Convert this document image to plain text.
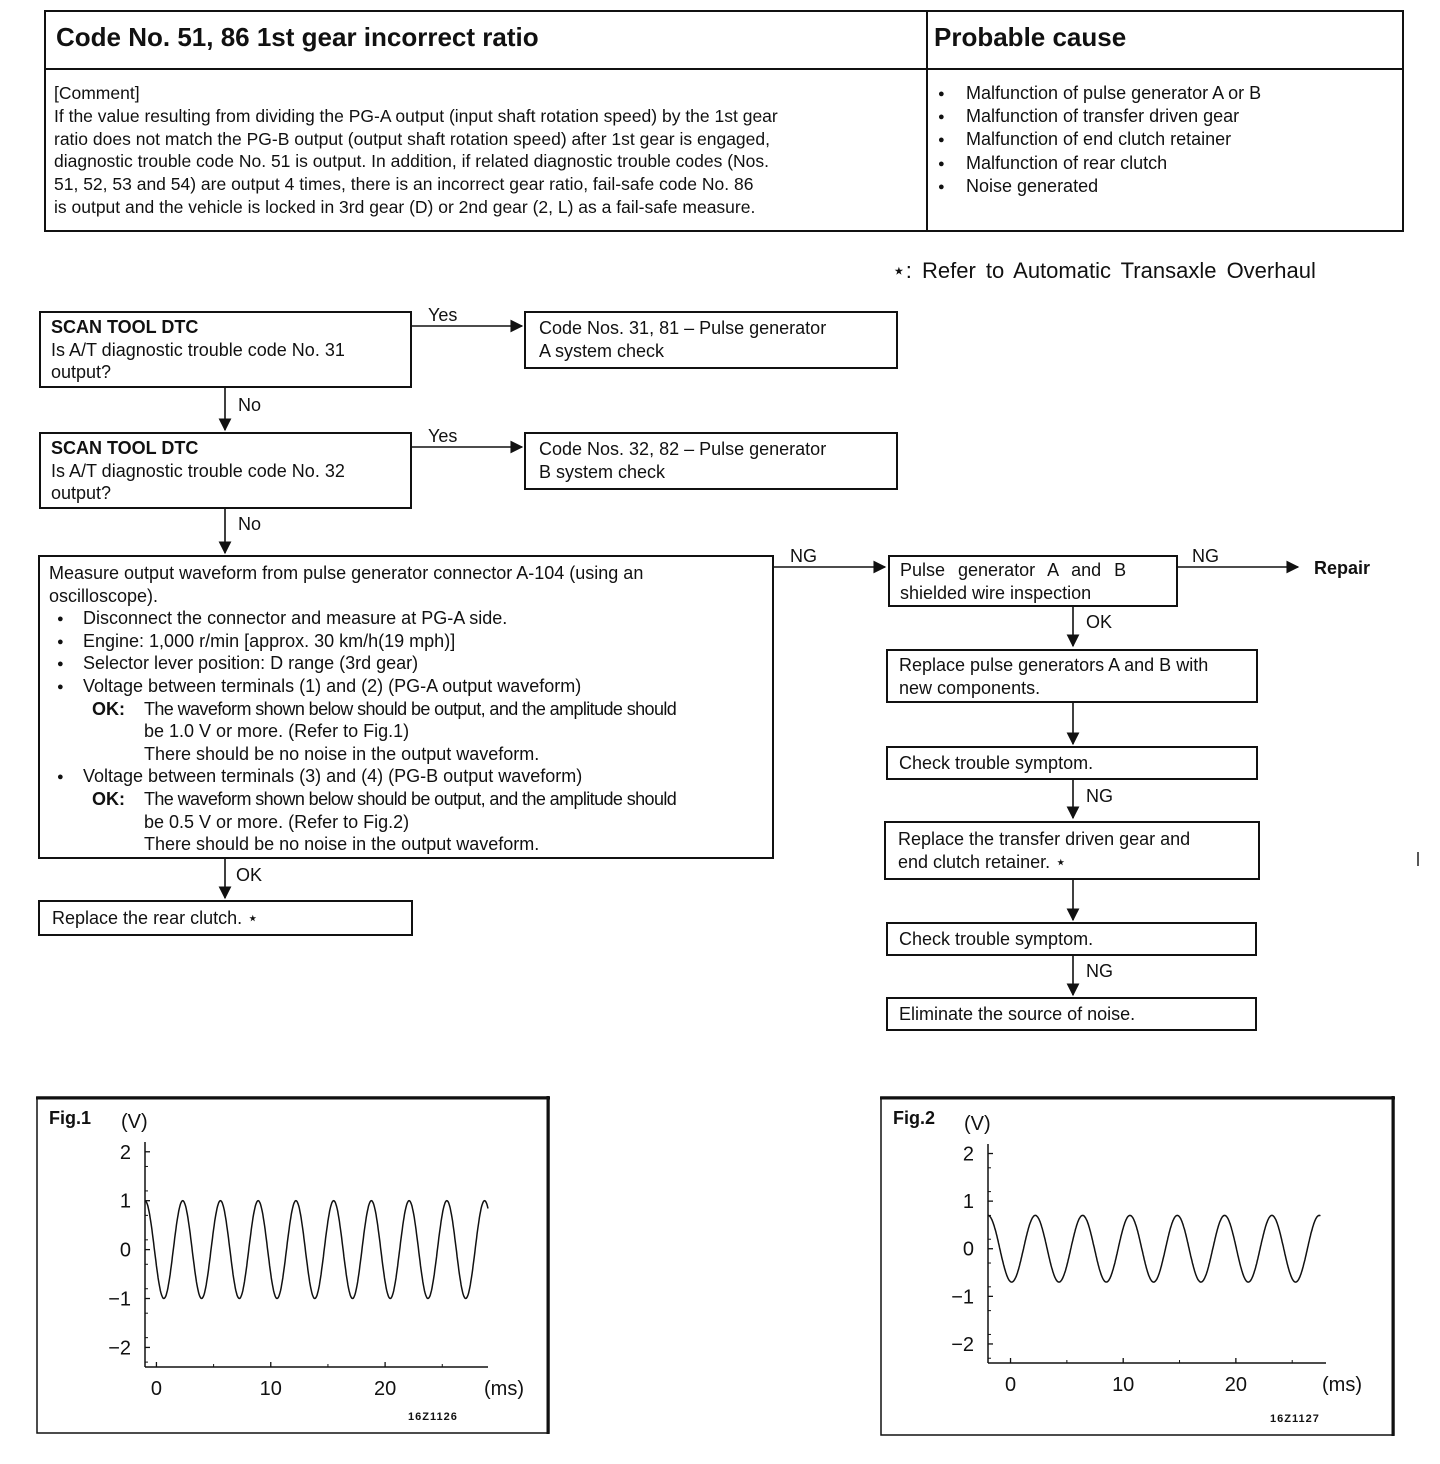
Code No. 51, 86 1st gear incorrect ratio	Probable cause
[Comment]
If the value resulting from dividing the PG-A output (input shaft rotation speed) by the 1st gear
ratio does not match the PG-B output (output shaft rotation speed) after 1st gear is engaged,
diagnostic trouble code No. 51 is output. In addition, if related diagnostic trouble codes (Nos.
51, 52, 53 and 54) are output 4 times, there is an incorrect gear ratio, fail-safe code No. 86
is output and the vehicle is locked in 3rd gear (D) or 2nd gear (2, L) as a fail-safe measure.
● Malfunction of pulse generator A or B
● Malfunction of transfer driven gear
● Malfunction of end clutch retainer
● Malfunction of rear clutch
● Noise generated
⋆: Refer to Automatic Transaxle Overhaul
Yes
No
Yes
No
NG
OK
NG
OK
NG
NG
SCAN TOOL DTC
Is A/T diagnostic trouble code No. 31
output?
Code Nos. 31, 81 – Pulse generator
A system check
SCAN TOOL DTC
Is A/T diagnostic trouble code No. 32
output?
Code Nos. 32, 82 – Pulse generator
B system check
Measure output waveform from pulse generator connector A-104 (using an
oscilloscope).
● Disconnect the connector and measure at PG-A side.
● Engine: 1,000 r/min [approx. 30 km/h(19 mph)]
● Selector lever position: D range (3rd gear)
● Voltage between terminals (1) and (2) (PG-A output waveform)
OK: The waveform shown below should be output, and the amplitude should
be 1.0 V or more. (Refer to Fig.1)
There should be no noise in the output waveform.
● Voltage between terminals (3) and (4) (PG-B output waveform)
OK: The waveform shown below should be output, and the amplitude should
be 0.5 V or more. (Refer to Fig.2)
There should be no noise in the output waveform.
Replace the rear clutch. ⋆
Pulse generator A and B
shielded wire inspection
Repair
Replace pulse generators A and B with
new components.
Check trouble symptom.
Replace the transfer driven gear and
end clutch retainer. ⋆
Check trouble symptom.
Eliminate the source of noise.
2
1
0
−1
−2
0	10	20
Fig.1 (V)
(ms)
16Z1126
2
1
0
−1
−2
0	10	20
Fig.2 (V)
(ms)
16Z1127
